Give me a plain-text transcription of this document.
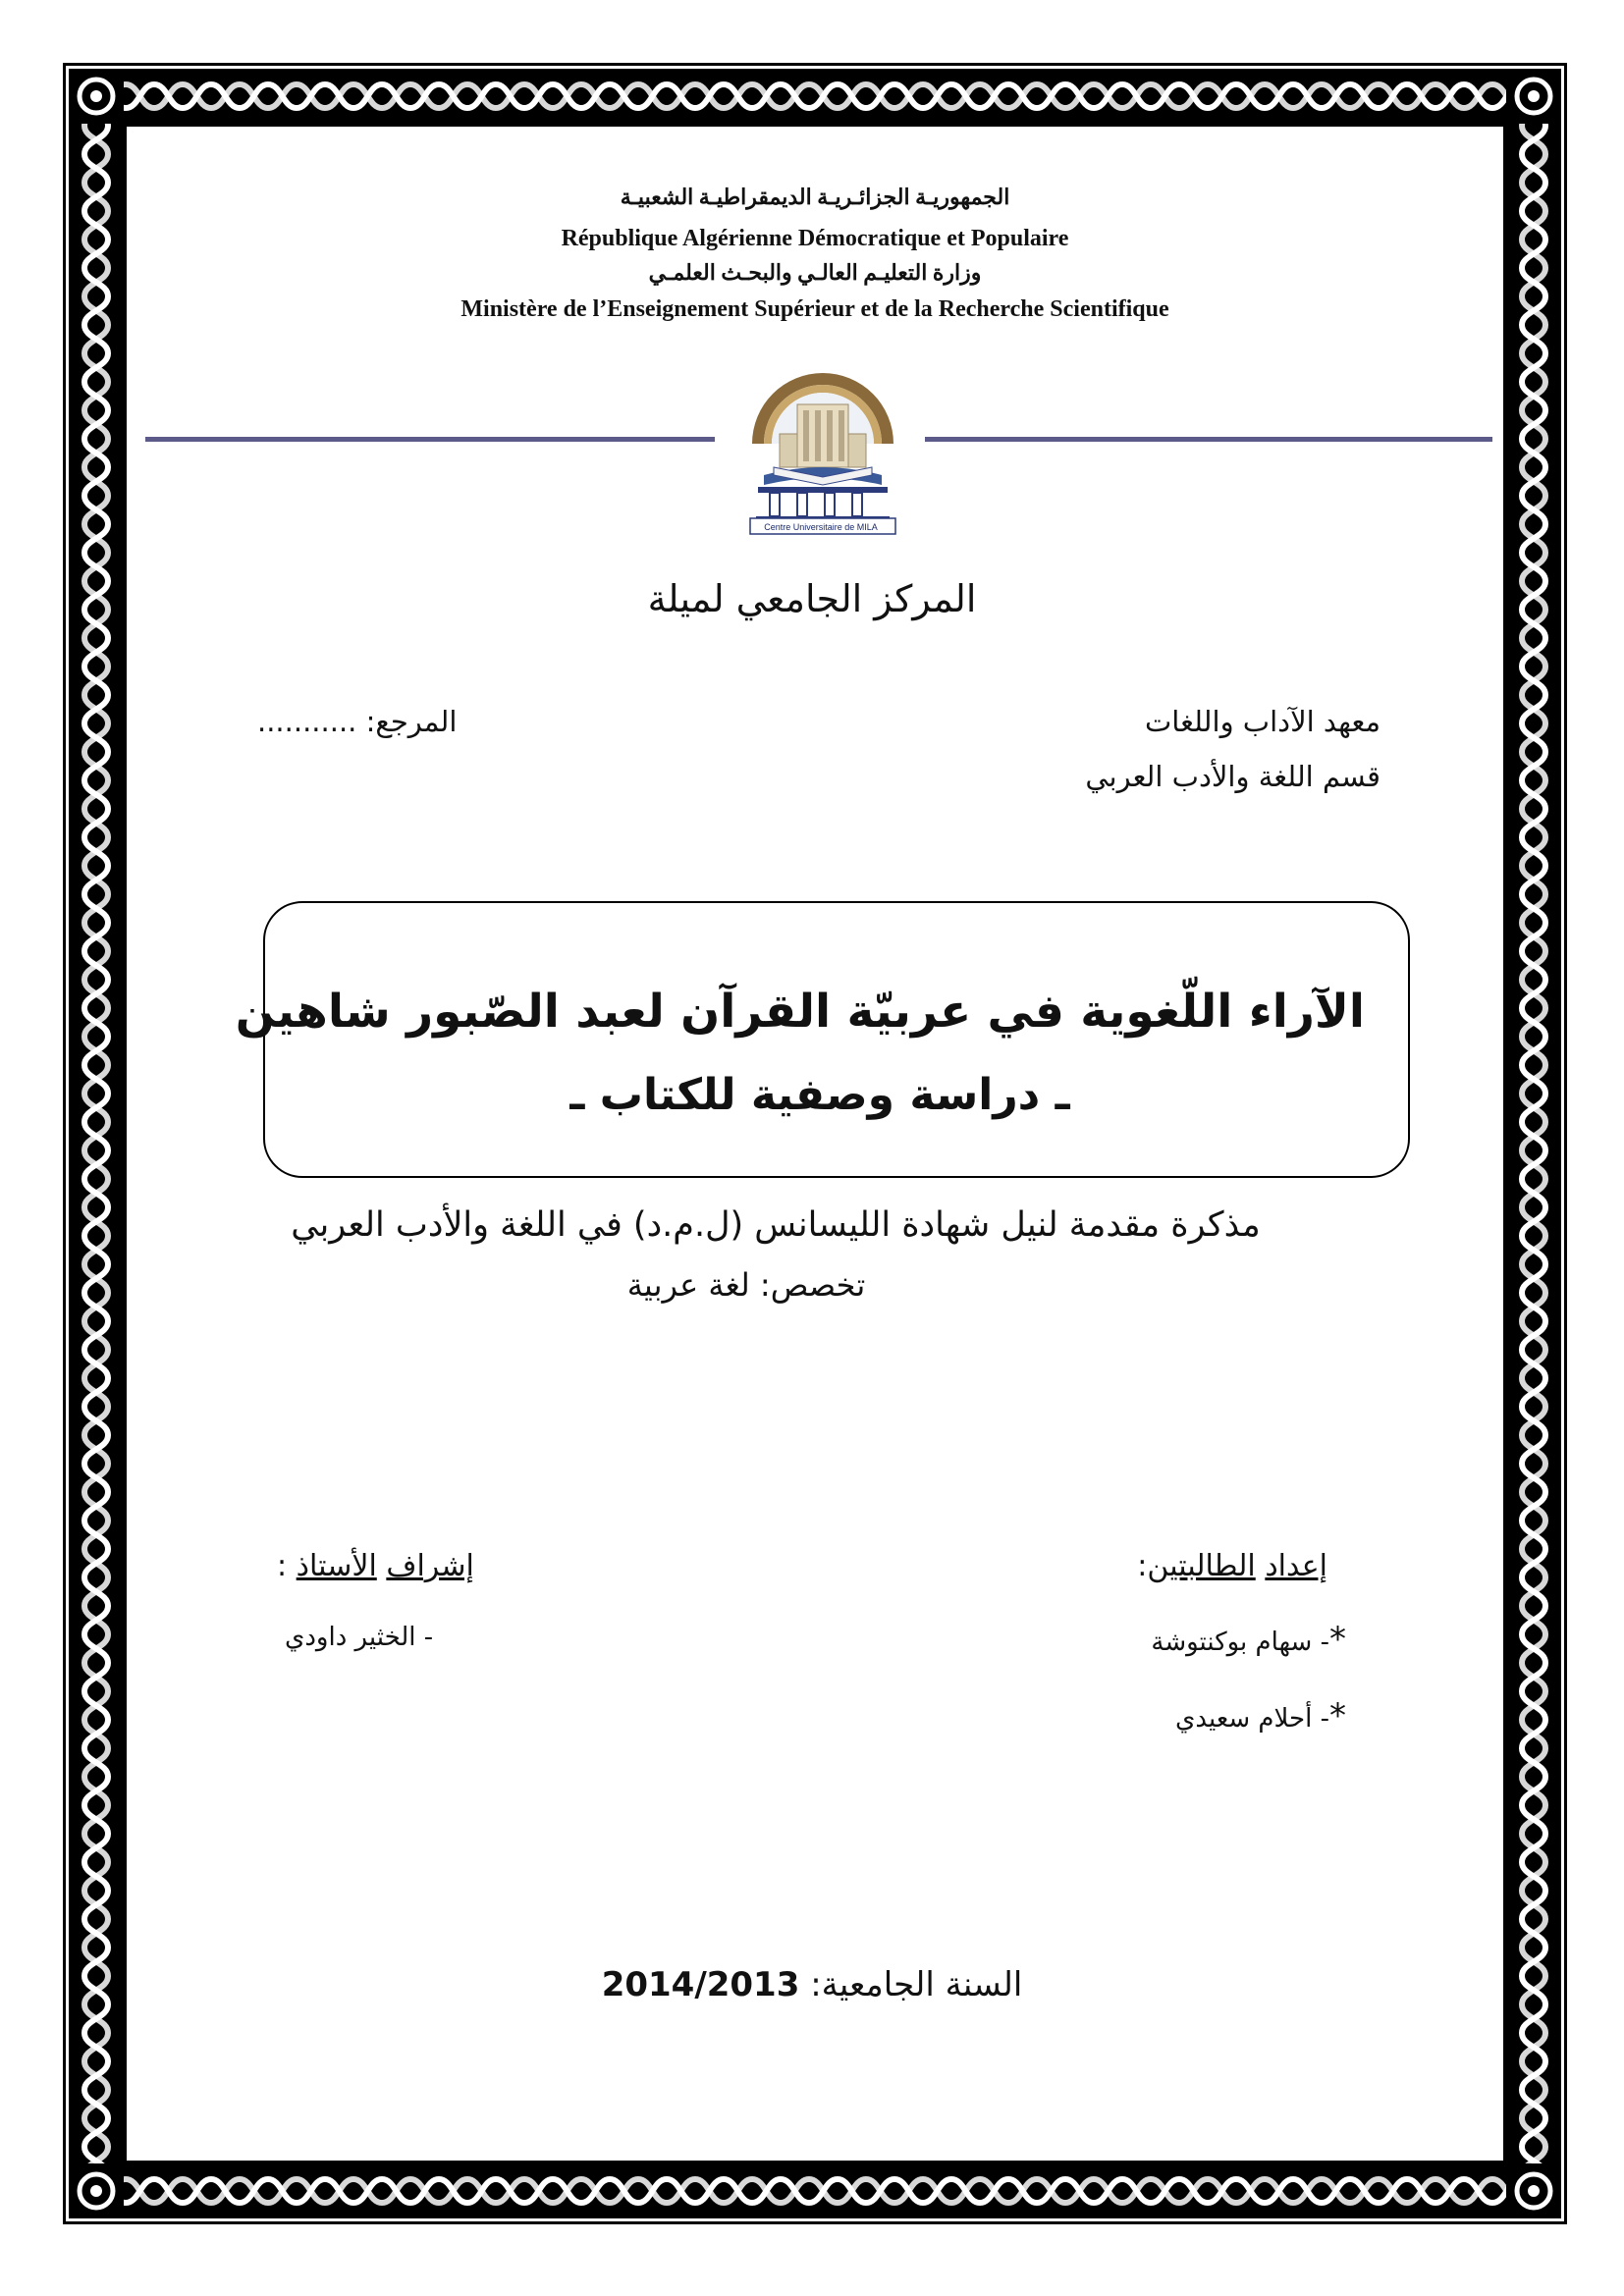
الجمهوريـة الجزائـريـة الديمقراطيـة الشعبيـة
République Algérienne Démocratique et Populaire
وزارة التعليـم العالـي والبحـث العلمـي
Ministère de l’Enseignement Supérieur et de la Recherche Scientifique
Centre Universitaire de MILA
المركز الجامعي لميلة
معهد الآداب واللغات
قسم اللغة والأدب العربي
المرجع: ...........
الآراء اللّغوية في عربيّة القرآن لعبد الصّبور شاهين
ـ دراسة وصفية للكتاب ـ
مذكرة مقدمة لنيل شهادة الليسانس (ل.م.د) في اللغة والأدب العربي
تخصص: لغة عربية
إعداد الطالبتين:
*- سهام بوكنتوشة
*- أحلام سعيدي
إشراف الأستاذ :
- الخثير داودي
السنة الجامعية: 2014/2013
